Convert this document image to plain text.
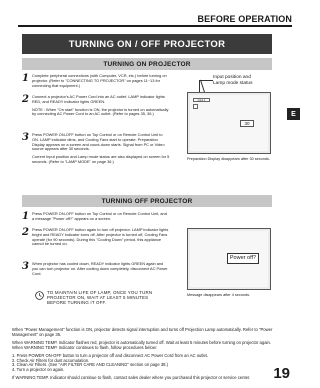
BEFORE OPERATION
E
TURNING ON / OFF PROJECTOR
TURNING ON PROJECTOR
1 Complete peripheral connections (with Computer, VCR, etc.) before turning on projector. (Refer to "CONNECTING TO PROJECTOR" on pages 11~13 for connecting that equipment.)
2 Connect a projector's AC Power Cord into an AC outlet. LAMP indicator lights RED, and READY indicator lights GREEN.
NOTE : When "On start" function is ON, the projector is turned on automatically by connecting AC Power Cord to an AC outlet. (Refer to pages 35, 36.)
3 Press POWER ON-OFF button on Top Control or on Remote Control Unit to ON. LAMP indicator dims, and Cooling Fans start to operate. Preparation Display appears on a screen and count-down starts. Signal from PC or Video source appears after 30 seconds.
Current Input position and Lamp mode status are also displayed on screen for 5 seconds. (Refer to "LAMP MODE" on page 36.)
Input position and
Lamp mode status
Input 1
30
Preparation Display disappears after 30 seconds.
TURNING OFF PROJECTOR
1 Press POWER ON-OFF button on Top Control or on Remote Control Unit, and a message "Power off?" appears on a screen.
2 Press POWER ON-OFF button again to turn off projector. LAMP indicator lights bright and READY indicator turns off. After projector is turned off, Cooling Fans operate (for 90 seconds). During this "Cooling Down" period, this appliance cannot be turned on.
3 When projector has cooled down, READY indicator lights GREEN again and you can turn projector on. After cooling down completely, disconnect AC Power Cord.
Power off?
Message disappears after 4 seconds.
TO MAINTAIN LIFE OF LAMP, ONCE YOU TURN PROJECTOR ON, WAIT AT LEAST 5 MINUTES BEFORE TURNING IT OFF.

When "Power Management" function is ON, projector detects signal interruption and turns off Projection Lamp automatically. Refer to "Power Management" on page 35.

When WARNING TEMP. Indicator flashes red, projector is automatically turned off. Wait at least 5 minutes before turning on projector again.
When WARNING TEMP. Indicator continues to flash, follow procedures below:

1. Press POWER ON-OFF button to turn a projector off and disconnect AC Power Cord from an AC outlet.
2. Check Air Filters for dust accumulation.
3. Clean Air Filters. (See "AIR FILTER CARE AND CLEANING" section on page 38.)
4. Turn a projector on again.

If WARNING TEMP. Indicator should continue to flash, contact sales dealer where you purchased this projector or service center.	19
